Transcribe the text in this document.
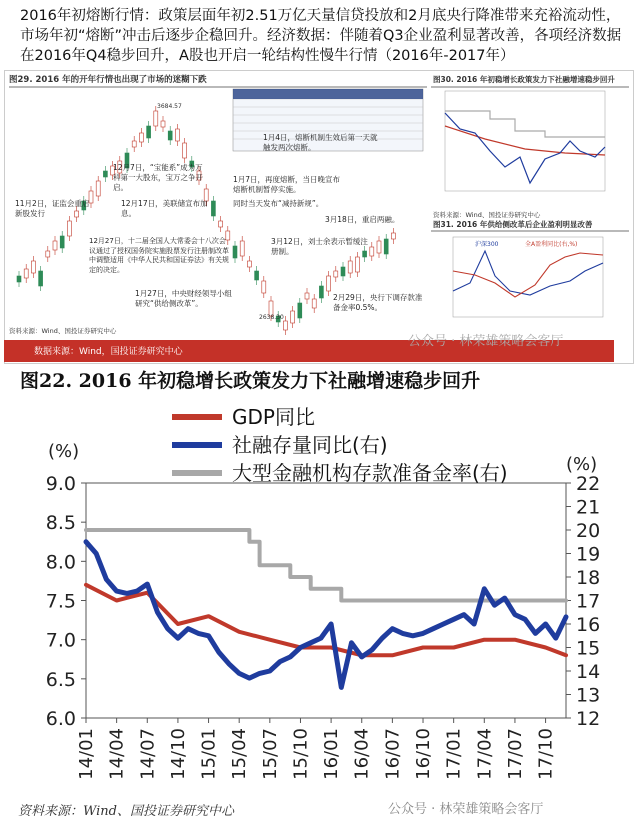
2016年初熔断行情：政策层面年初2.51万亿天量信贷投放和2月底央行降准带来充裕流动性，市场年初“熔断”冲击后逐步企稳回升。经济数据：伴随着Q3企业盈利显著改善，各项经济数据在2016年Q4稳步回升，A股也开启一轮结构性慢牛行情（2016年-2017年）
图29. 2016 年的开年行情也出现了市场的迷糊下跌
3684.57
2638.30
1月4日，熔断机制生效后第一天就触发两次熔断。
12月7日，“宝能系”成为万科第一大股东，宝万之争开启。
11月2日，证监会重启新股发行
12月17日，美联储宣布加息。
1月7日，再度熔断，当日晚宣布熔断机制暂停实施。
同时当天发布“减持新规”。
3月18日，重启两融。
12月27日，十二届全国人大常委会十八次会议通过了授权国务院实施股票发行注册制改革中调整适用《中华人民共和国证券法》有关规定的决定。
3月12日，刘士余表示暂缓注册制。
1月27日，中央财经领导小组研究“供给侧改革”。
2月29日，央行下调存款准备金率0.5%。
资料来源：Wind、国投证券研究中心
图30. 2016 年初稳增长政策发力下社融增速稳步回升
资料来源：Wind、国投证券研究中心
图31. 2016 年供给侧改革后企业盈利明显改善
沪深300	全A盈利同比(右,%)
数据来源：Wind，国投证券研究中心
公众号 · 林荣雄策略会客厅
图22. 2016 年初稳增长政策发力下社融增速稳步回升
6.0
6.5
7.0
7.5
8.0
8.5
9.0
12
13
14
15
16
17
18
19
20
21
22
(%)
(%)
14/01 14/04 14/07 14/10 15/01 15/04 15/07 15/10 16/01 16/04 16/07 16/10 17/01 17/04 17/07 17/10
GDP同比
社融存量同比(右)
大型金融机构存款准备金率(右)
资料来源：Wind、国投证券研究中心	公众号 · 林荣雄策略会客厅
